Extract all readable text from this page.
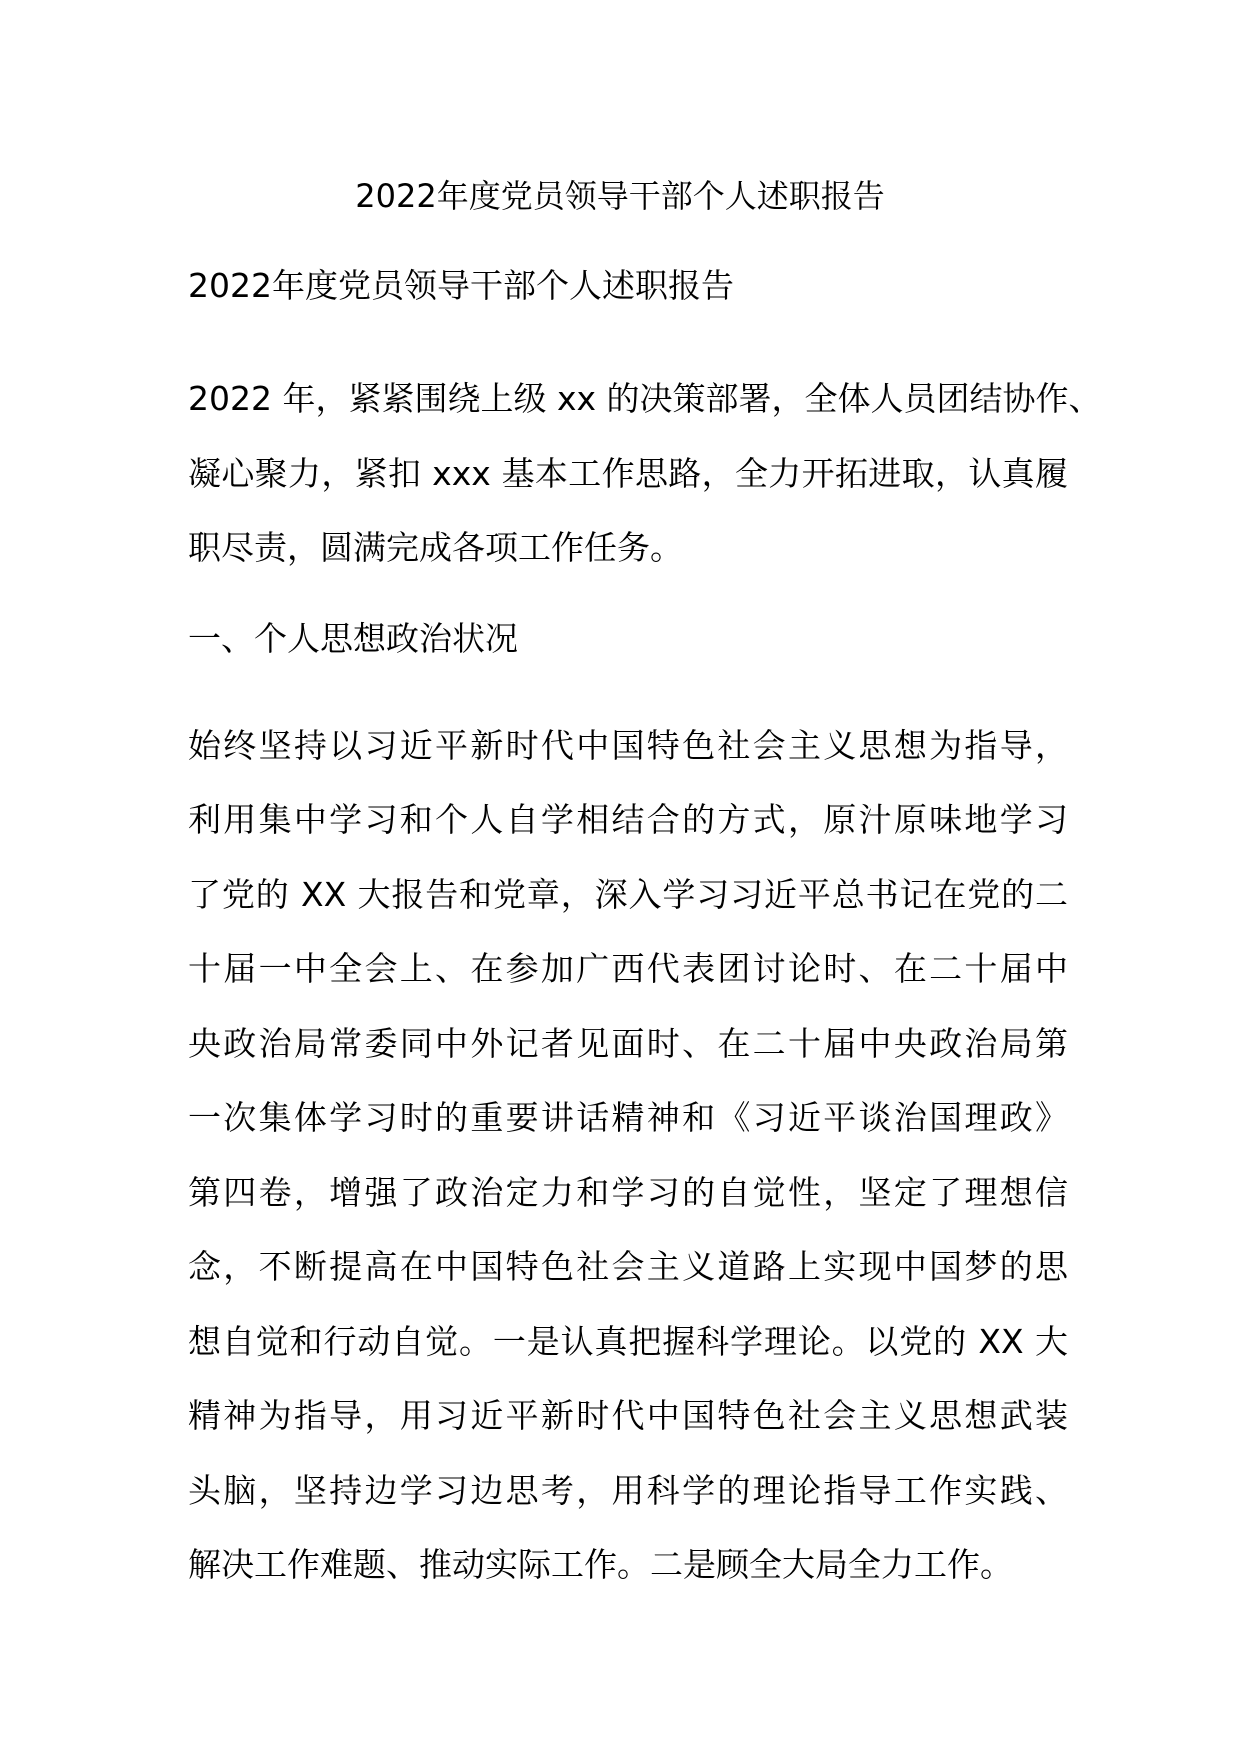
2022年度党员领导干部个人述职报告

2022年度党员领导干部个人述职报告

2022 年，紧紧围绕上级 xx 的决策部署，全体人员团结协作、
凝心聚力，紧扣 xxx 基本工作思路，全力开拓进取，认真履
职尽责，圆满完成各项工作任务。

一、个人思想政治状况

始终坚持以习近平新时代中国特色社会主义思想为指导，
利用集中学习和个人自学相结合的方式，原汁原味地学习
了党的 XX 大报告和党章，深入学习习近平总书记在党的二
十届一中全会上、在参加广西代表团讨论时、在二十届中
央政治局常委同中外记者见面时、在二十届中央政治局第
一次集体学习时的重要讲话精神和《习近平谈治国理政》
第四卷，增强了政治定力和学习的自觉性，坚定了理想信
念，不断提高在中国特色社会主义道路上实现中国梦的思
想自觉和行动自觉。一是认真把握科学理论。以党的 XX 大
精神为指导，用习近平新时代中国特色社会主义思想武装
头脑，坚持边学习边思考，用科学的理论指导工作实践、
解决工作难题、推动实际工作。二是顾全大局全力工作。
